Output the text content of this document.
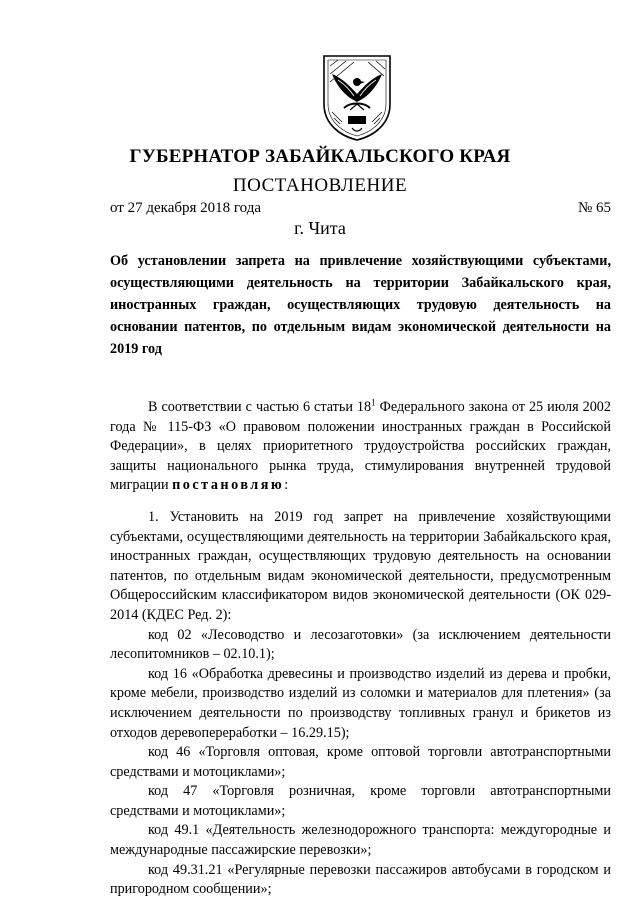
ГУБЕРНАТОР ЗАБАЙКАЛЬСКОГО КРАЯ
ПОСТАНОВЛЕНИЕ
от 27 декабря 2018 года	№ 65
г. Чита
Об установлении запрета на привлечение хозяйствующими субъектами, осуществляющими деятельность на территории Забайкальского края, иностранных граждан, осуществляющих трудовую деятельность на основании патентов, по отдельным видам экономической деятельности на 2019 год

В соответствии с частью 6 статьи $18^1$ Федерального закона от 25 июля 2002 года № 115-ФЗ «О правовом положении иностранных граждан в Российской Федерации», в целях приоритетного трудоустройства российских граждан, защиты национального рынка труда, стимулирования внутренней трудовой миграции постановляю:

1. Установить на 2019 год запрет на привлечение хозяйствующими субъектами, осуществляющими деятельность на территории Забайкальского края, иностранных граждан, осуществляющих трудовую деятельность на основании патентов, по отдельным видам экономической деятельности, предусмотренным Общероссийским классификатором видов экономической деятельности (ОК 029-2014 (КДЕС Ред. 2):

код 02 «Лесоводство и лесозаготовки» (за исключением деятельности лесопитомников – 02.10.1);

код 16 «Обработка древесины и производство изделий из дерева и пробки, кроме мебели, производство изделий из соломки и материалов для плетения» (за исключением деятельности по производству топливных гранул и брикетов из отходов деревопереработки – 16.29.15);

код 46 «Торговля оптовая, кроме оптовой торговли автотранспортными средствами и мотоциклами»;

код 47 «Торговля розничная, кроме торговли автотранспортными средствами и мотоциклами»;

код 49.1 «Деятельность железнодорожного транспорта: междугородные и международные пассажирские перевозки»;

код 49.31.21 «Регулярные перевозки пассажиров автобусами в городском и пригородном сообщении»;
